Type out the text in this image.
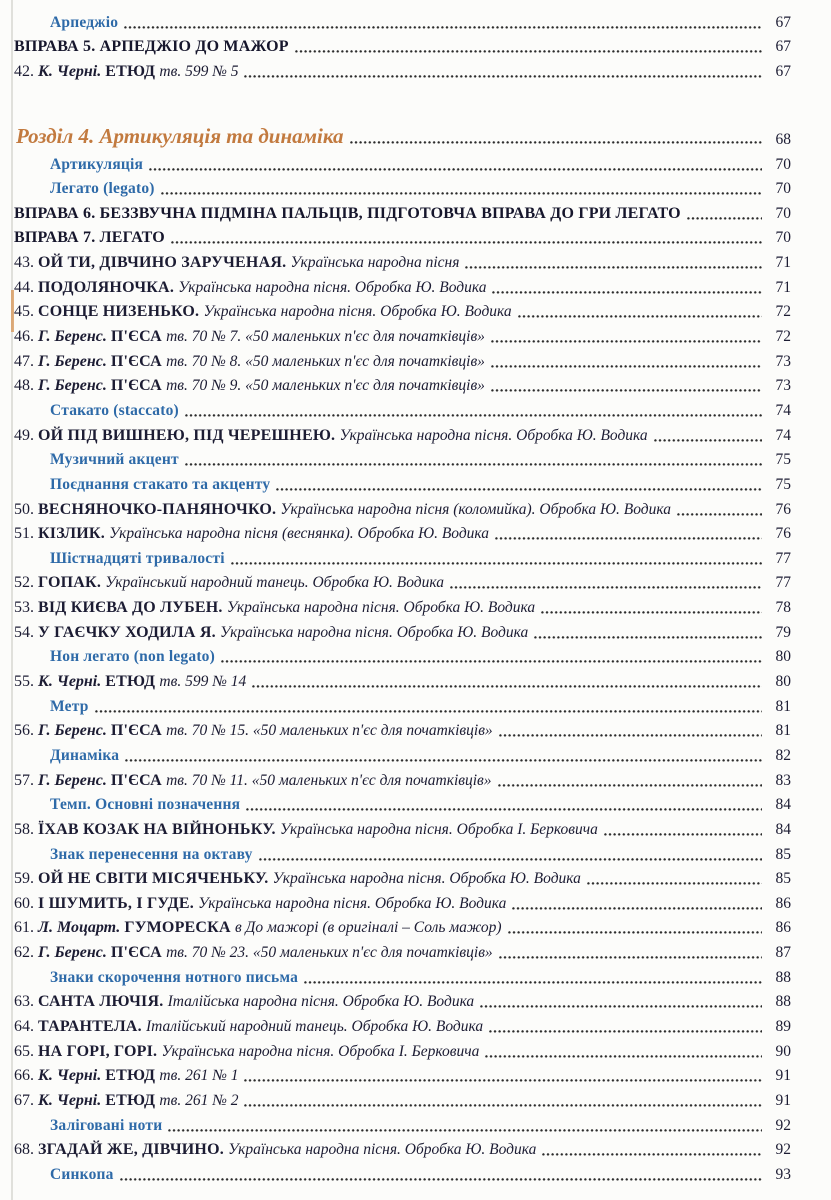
Арпеджіо	67
ВПРАВА 5. АРПЕДЖІО ДО МАЖОР	67
42. К. Черні. ЕТЮД тв. 599 № 5	67
Розділ 4. Артикуляція та динаміка	68
Артикуляція	70
Легато (legato)	70
ВПРАВА 6. БЕЗЗВУЧНА ПІДМІНА ПАЛЬЦІВ, ПІДГОТОВЧА ВПРАВА ДО ГРИ ЛЕГАТО	70
ВПРАВА 7. ЛЕГАТО	70
43. ОЙ ТИ, ДІВЧИНО ЗАРУЧЕНАЯ. Українська народна пісня	71
44. ПОДОЛЯНОЧКА. Українська народна пісня. Обробка Ю. Водика	71
45. СОНЦЕ НИЗЕНЬКО. Українська народна пісня. Обробка Ю. Водика	72
46. Г. Беренс. П'ЄСА тв. 70 № 7. «50 маленьких п'єс для початківців»	72
47. Г. Беренс. П'ЄСА тв. 70 № 8. «50 маленьких п'єс для початківців»	73
48. Г. Беренс. П'ЄСА тв. 70 № 9. «50 маленьких п'єс для початківців»	73
Стакато (staccato)	74
49. ОЙ ПІД ВИШНЕЮ, ПІД ЧЕРЕШНЕЮ. Українська народна пісня. Обробка Ю. Водика	74
Музичний акцент	75
Поєднання стакато та акценту	75
50. ВЕСНЯНОЧКО-ПАНЯНОЧКО. Українська народна пісня (коломийка). Обробка Ю. Водика	76
51. КІЗЛИК. Українська народна пісня (веснянка). Обробка Ю. Водика	76
Шістнадцяті тривалості	77
52. ГОПАК. Український народний танець. Обробка Ю. Водика	77
53. ВІД КИЄВА ДО ЛУБЕН. Українська народна пісня. Обробка Ю. Водика	78
54. У ГАЄЧКУ ХОДИЛА Я. Українська народна пісня. Обробка Ю. Водика	79
Нон легато (non legato)	80
55. К. Черні. ЕТЮД тв. 599 № 14	80
Метр	81
56. Г. Беренс. П'ЄСА тв. 70 № 15. «50 маленьких п'єс для початківців»	81
Динаміка	82
57. Г. Беренс. П'ЄСА тв. 70 № 11. «50 маленьких п'єс для початківців»	83
Темп. Основні позначення	84
58. ЇХАВ КОЗАК НА ВІЙНОНЬКУ. Українська народна пісня. Обробка І. Берковича	84
Знак перенесення на октаву	85
59. ОЙ НЕ СВІТИ МІСЯЧЕНЬКУ. Українська народна пісня. Обробка Ю. Водика	85
60. І ШУМИТЬ, І ГУДЕ. Українська народна пісня. Обробка Ю. Водика	86
61. Л. Моцарт. ГУМОРЕСКА в До мажорі (в оригіналі – Соль мажор)	86
62. Г. Беренс. П'ЄСА тв. 70 № 23. «50 маленьких п'єс для початківців»	87
Знаки скорочення нотного письма	88
63. САНТА ЛЮЧІЯ. Італійська народна пісня. Обробка Ю. Водика	88
64. ТАРАНТЕЛА. Італійський народний танець. Обробка Ю. Водика	89
65. НА ГОРІ, ГОРІ. Українська народна пісня. Обробка І. Берковича	90
66. К. Черні. ЕТЮД тв. 261 № 1	91
67. К. Черні. ЕТЮД тв. 261 № 2	91
Заліговані ноти	92
68. ЗГАДАЙ ЖЕ, ДІВЧИНО. Українська народна пісня. Обробка Ю. Водика	92
Синкопа	93
